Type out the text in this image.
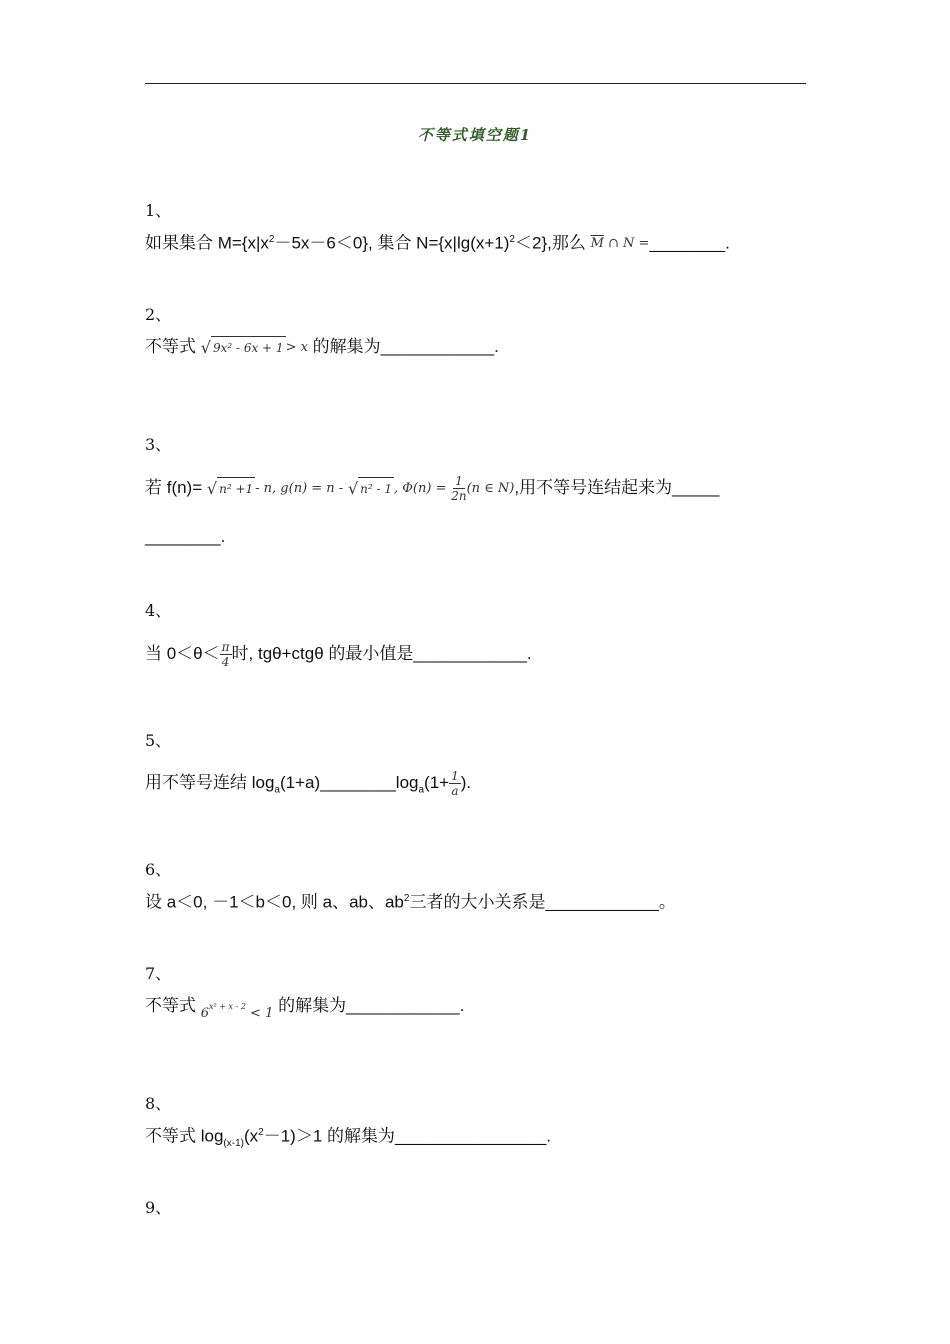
不等式填空题1
1、
如果集合 $M=\{x|x^2-5x-6<0\}$, 集合 $N=\{x|\lg(x+1)^2<2\}$,那么 $\overline{M}$ ∩ N =________.
2、
不等式 √ 9x² - 6x + 1> x 的解集为____________.
3、
若 f(n)= √ n² +1- n, g(n) = n - √ n² - 1 , $\Phi(n) = \frac{1}{2n} (n$ ∈ N),用不等号连结起来为_____
________.
4、
当 $0<\theta< \frac{\pi}{4}$ 时, tgθ+ctgθ 的最小值是____________.
5、
用不等号连结 $\log_a(1+a)\_\_\_\_\_\_\_\_\log_a(1+ \frac{1}{a}$ ).
6、
设 a＜0, －1＜b＜0, 则 a、ab、$ab^2$三者的大小关系是____________。
7、
不等式 $6^{x^2 + x - 2} < 1$ 的解集为____________.
8、
不等式 $\log_{(x-1)}(x^2-1)>1$ 的解集为________________.
9、
